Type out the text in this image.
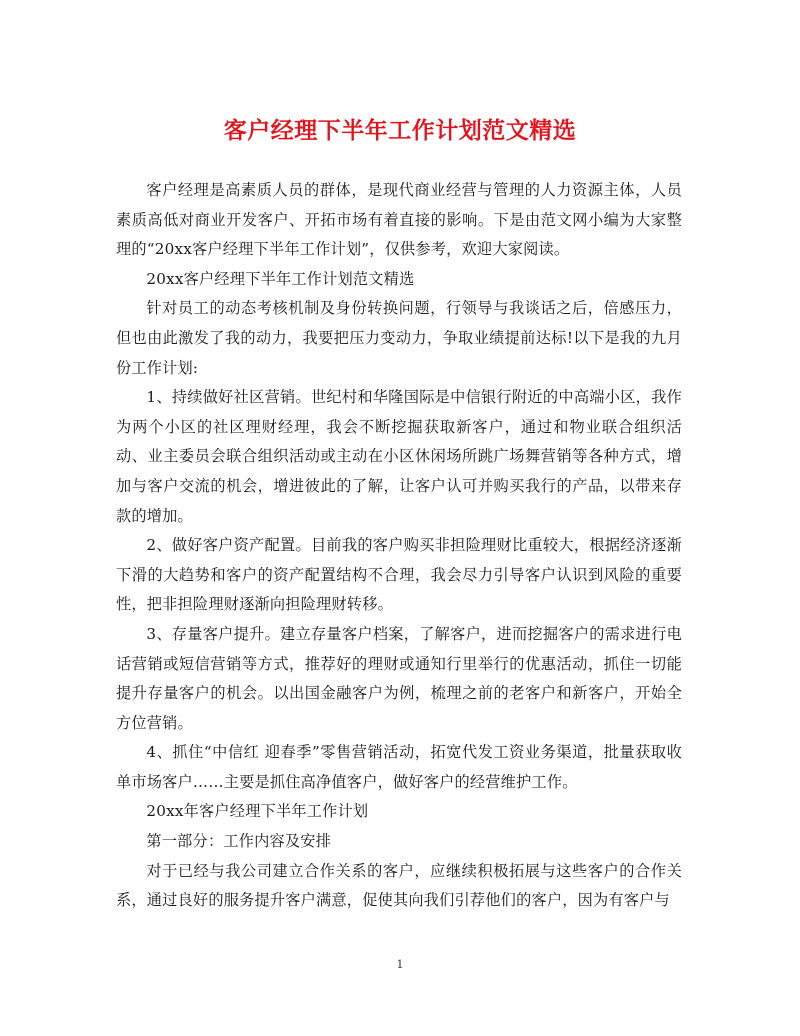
客户经理下半年工作计划范文精选

客户经理是高素质人员的群体，是现代商业经营与管理的人力资源主体，人员素质高低对商业开发客户、开拓市场有着直接的影响。下是由范文网小编为大家整理的“20xx客户经理下半年工作计划”，仅供参考，欢迎大家阅读。

20xx客户经理下半年工作计划范文精选

针对员工的动态考核机制及身份转换问题，行领导与我谈话之后，倍感压力，但也由此激发了我的动力，我要把压力变动力，争取业绩提前达标!以下是我的九月份工作计划:

1、持续做好社区营销。世纪村和华隆国际是中信银行附近的中高端小区，我作为两个小区的社区理财经理，我会不断挖掘获取新客户，通过和物业联合组织活动、业主委员会联合组织活动或主动在小区休闲场所跳广场舞营销等各种方式，增加与客户交流的机会，增进彼此的了解，让客户认可并购买我行的产品，以带来存款的增加。

2、做好客户资产配置。目前我的客户购买非担险理财比重较大，根据经济逐渐下滑的大趋势和客户的资产配置结构不合理，我会尽力引导客户认识到风险的重要性，把非担险理财逐渐向担险理财转移。

3、存量客户提升。建立存量客户档案，了解客户，进而挖掘客户的需求进行电话营销或短信营销等方式，推荐好的理财或通知行里举行的优惠活动，抓住一切能提升存量客户的机会。以出国金融客户为例，梳理之前的老客户和新客户，开始全方位营销。

4、抓住“中信红 迎春季”零售营销活动，拓宽代发工资业务渠道，批量获取收单市场客户……主要是抓住高净值客户，做好客户的经营维护工作。

20xx年客户经理下半年工作计划

第一部分：工作内容及安排

对于已经与我公司建立合作关系的客户，应继续积极拓展与这些客户的合作关系，通过良好的服务提升客户满意，促使其向我们引荐他们的客户，因为有客户与

1
